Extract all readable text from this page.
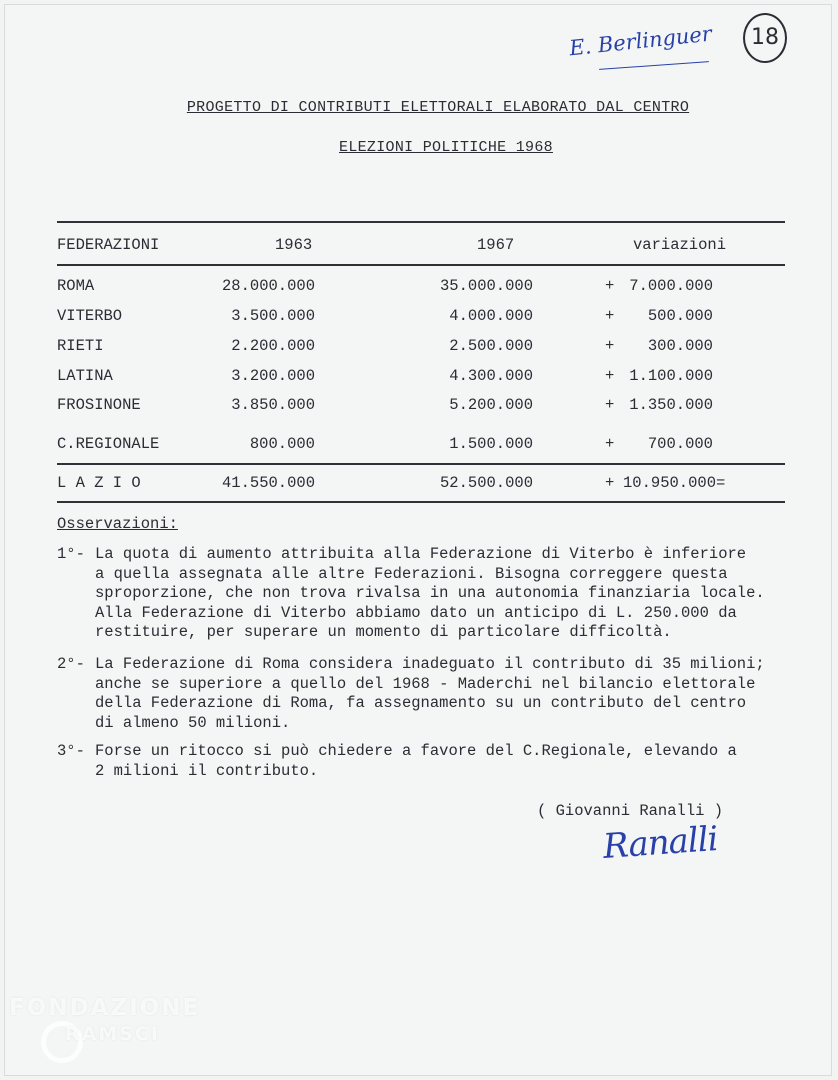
E. Berlinguer	18
PROGETTO DI CONTRIBUTI ELETTORALI ELABORATO DAL CENTRO
ELEZIONI POLITICHE 1968
FEDERAZIONI	1963	1967	variazioni
ROMA	28.000.000	35.000.000	+ 7.000.000
VITERBO	3.500.000	4.000.000	+ 500.000
RIETI	2.200.000	2.500.000	+ 300.000
LATINA	3.200.000	4.300.000	+ 1.100.000
FROSINONE	3.850.000	5.200.000	+ 1.350.000
C.REGIONALE	800.000	1.500.000	+ 700.000
L A Z I O	41.550.000	52.500.000	+ 10.950.000=
Osservazioni:
1°- La quota di aumento attribuita alla Federazione di Viterbo è inferiore
a quella assegnata alle altre Federazioni. Bisogna correggere questa
sproporzione, che non trova rivalsa in una autonomia finanziaria locale.
Alla Federazione di Viterbo abbiamo dato un anticipo di L. 250.000 da
restituire, per superare un momento di particolare difficoltà.
2°- La Federazione di Roma considera inadeguato il contributo di 35 milioni;
anche se superiore a quello del 1968 - Maderchi nel bilancio elettorale
della Federazione di Roma, fa assegnamento su un contributo del centro
di almeno 50 milioni.
3°- Forse un ritocco si può chiedere a favore del C.Regionale, elevando a
2 milioni il contributo.
( Giovanni Ranalli )
Ranalli
FONDAZIONE
RAMSCI
